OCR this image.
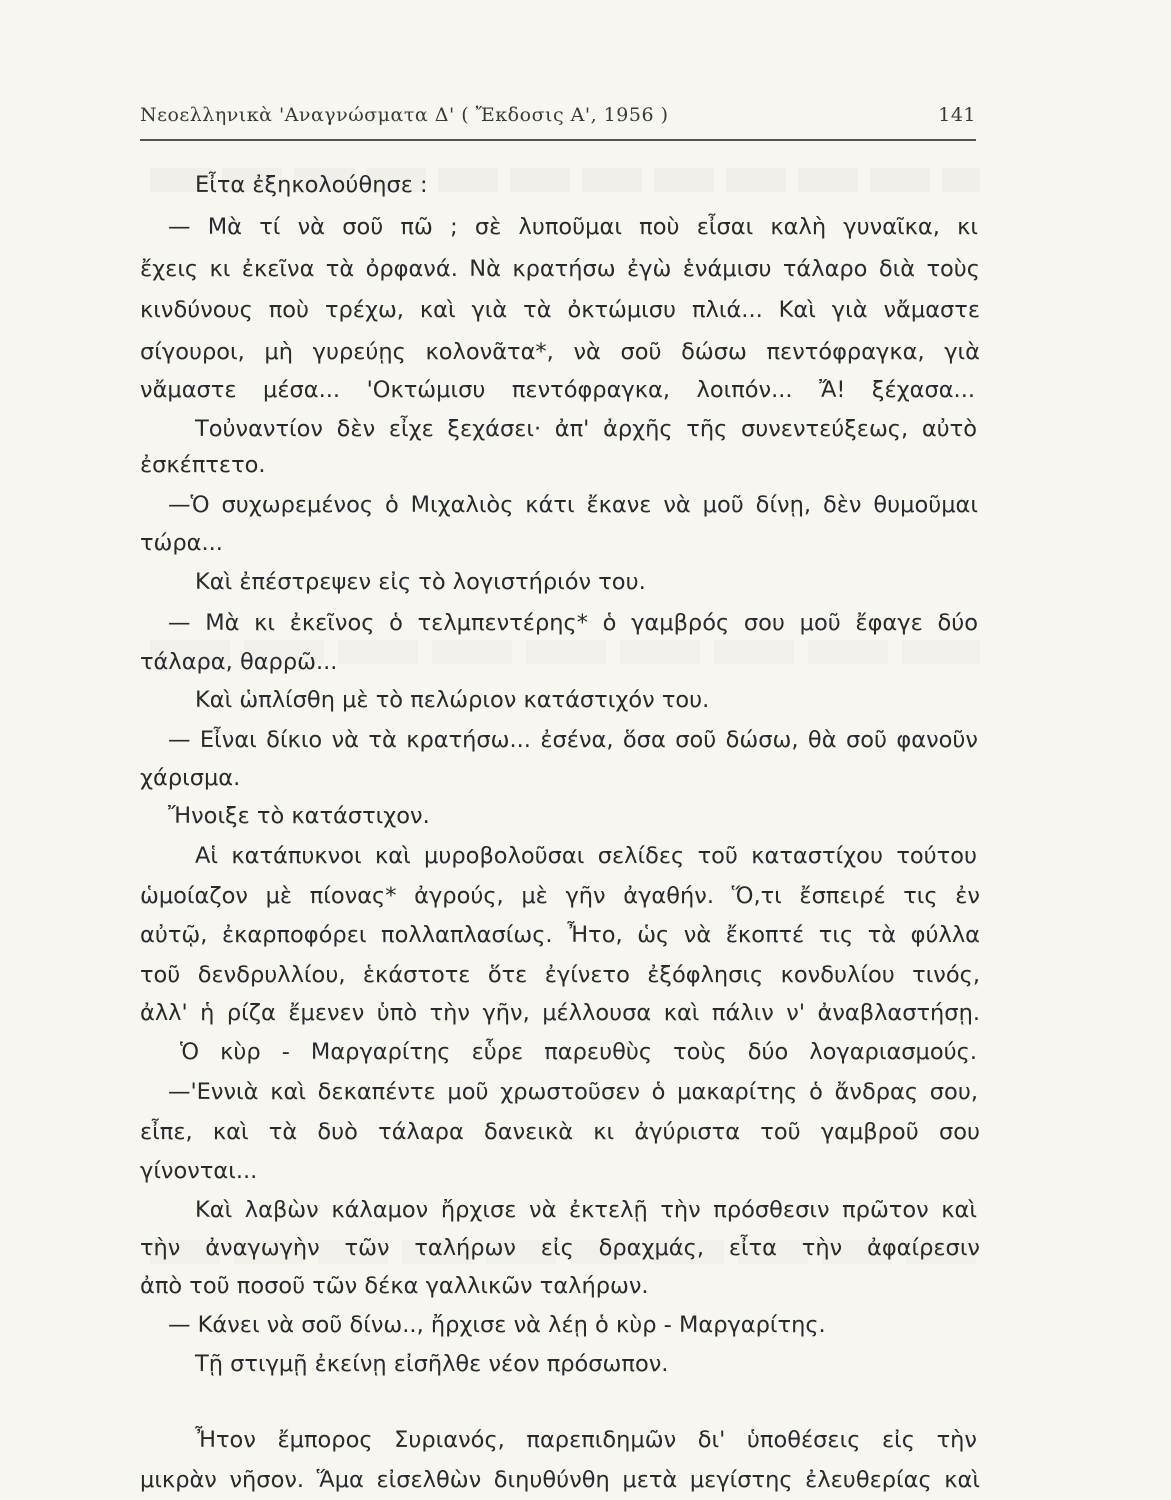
Νεοελληνικὰ 'Αναγνώσματα Δ' ( Ἔκδοσις Α', 1956 )	141
Εἶτα ἐξηκολούθησε :
— Μὰ τί νὰ σοῦ πῶ ; σὲ λυποῦμαι ποὺ εἶσαι καλὴ γυναῖκα, κι
ἔχεις κι ἐκεῖνα τὰ ὀρφανά. Νὰ κρατήσω ἐγὼ ἑνάμισυ τάλαρο διὰ τοὺς
κινδύνους ποὺ τρέχω, καὶ γιὰ τὰ ὀκτώμισυ πλιά... Καὶ γιὰ νἄμαστε
σίγουροι, μὴ γυρεύῃς κολονᾶτα*, νὰ σοῦ δώσω πεντόφραγκα, γιὰ
νἄμαστε μέσα... 'Οκτώμισυ πεντόφραγκα, λοιπόν... Ἄ! ξέχασα...
Τοὐναντίον δὲν εἶχε ξεχάσει· ἀπ' ἀρχῆς τῆς συνεντεύξεως, αὐτὸ
ἐσκέπτετο.
—Ὁ συχωρεμένος ὁ Μιχαλιὸς κάτι ἔκανε νὰ μοῦ δίνῃ, δὲν θυμοῦμαι
τώρα...
Καὶ ἐπέστρεψεν εἰς τὸ λογιστήριόν του.
— Μὰ κι ἐκεῖνος ὁ τελμπεντέρης* ὁ γαμβρός σου μοῦ ἔφαγε δύο
τάλαρα, θαρρῶ...
Καὶ ὡπλίσθη μὲ τὸ πελώριον κατάστιχόν του.
— Εἶναι δίκιο νὰ τὰ κρατήσω... ἐσένα, ὅσα σοῦ δώσω, θὰ σοῦ φανοῦν
χάρισμα.
Ἤνοιξε τὸ κατάστιχον.
Αἱ κατάπυκνοι καὶ μυροβολοῦσαι σελίδες τοῦ καταστίχου τούτου
ὡμοίαζον μὲ πίονας* ἀγρούς, μὲ γῆν ἀγαθήν. Ὅ,τι ἔσπειρέ τις ἐν
αὐτῷ, ἐκαρποφόρει πολλαπλασίως. Ἦτο, ὡς νὰ ἔκοπτέ τις τὰ φύλλα
τοῦ δενδρυλλίου, ἑκάστοτε ὅτε ἐγίνετο ἐξόφλησις κονδυλίου τινός,
ἀλλ' ἡ ρίζα ἔμενεν ὑπὸ τὴν γῆν, μέλλουσα καὶ πάλιν ν' ἀναβλαστήσῃ.
Ὁ κὺρ - Μαργαρίτης εὗρε παρευθὺς τοὺς δύο λογαριασμούς.
—'Εννιὰ καὶ δεκαπέντε μοῦ χρωστοῦσεν ὁ μακαρίτης ὁ ἄνδρας σου,
εἶπε, καὶ τὰ δυὸ τάλαρα δανεικὰ κι ἀγύριστα τοῦ γαμβροῦ σου
γίνονται...
Καὶ λαβὼν κάλαμον ἤρχισε νὰ ἐκτελῇ τὴν πρόσθεσιν πρῶτον καὶ
τὴν ἀναγωγὴν τῶν ταλήρων εἰς δραχμάς, εἶτα τὴν ἀφαίρεσιν
ἀπὸ τοῦ ποσοῦ τῶν δέκα γαλλικῶν ταλήρων.
— Κάνει νὰ σοῦ δίνω.., ἤρχισε νὰ λέῃ ὁ κὺρ - Μαργαρίτης.
Τῇ στιγμῇ ἐκείνῃ εἰσῆλθε νέον πρόσωπον.
Ἦτον ἔμπορος Συριανός, παρεπιδημῶν δι' ὑποθέσεις εἰς τὴν
μικρὰν νῆσον. Ἅμα εἰσελθὼν διηυθύνθη μετὰ μεγίστης ἐλευθερίας καὶ
